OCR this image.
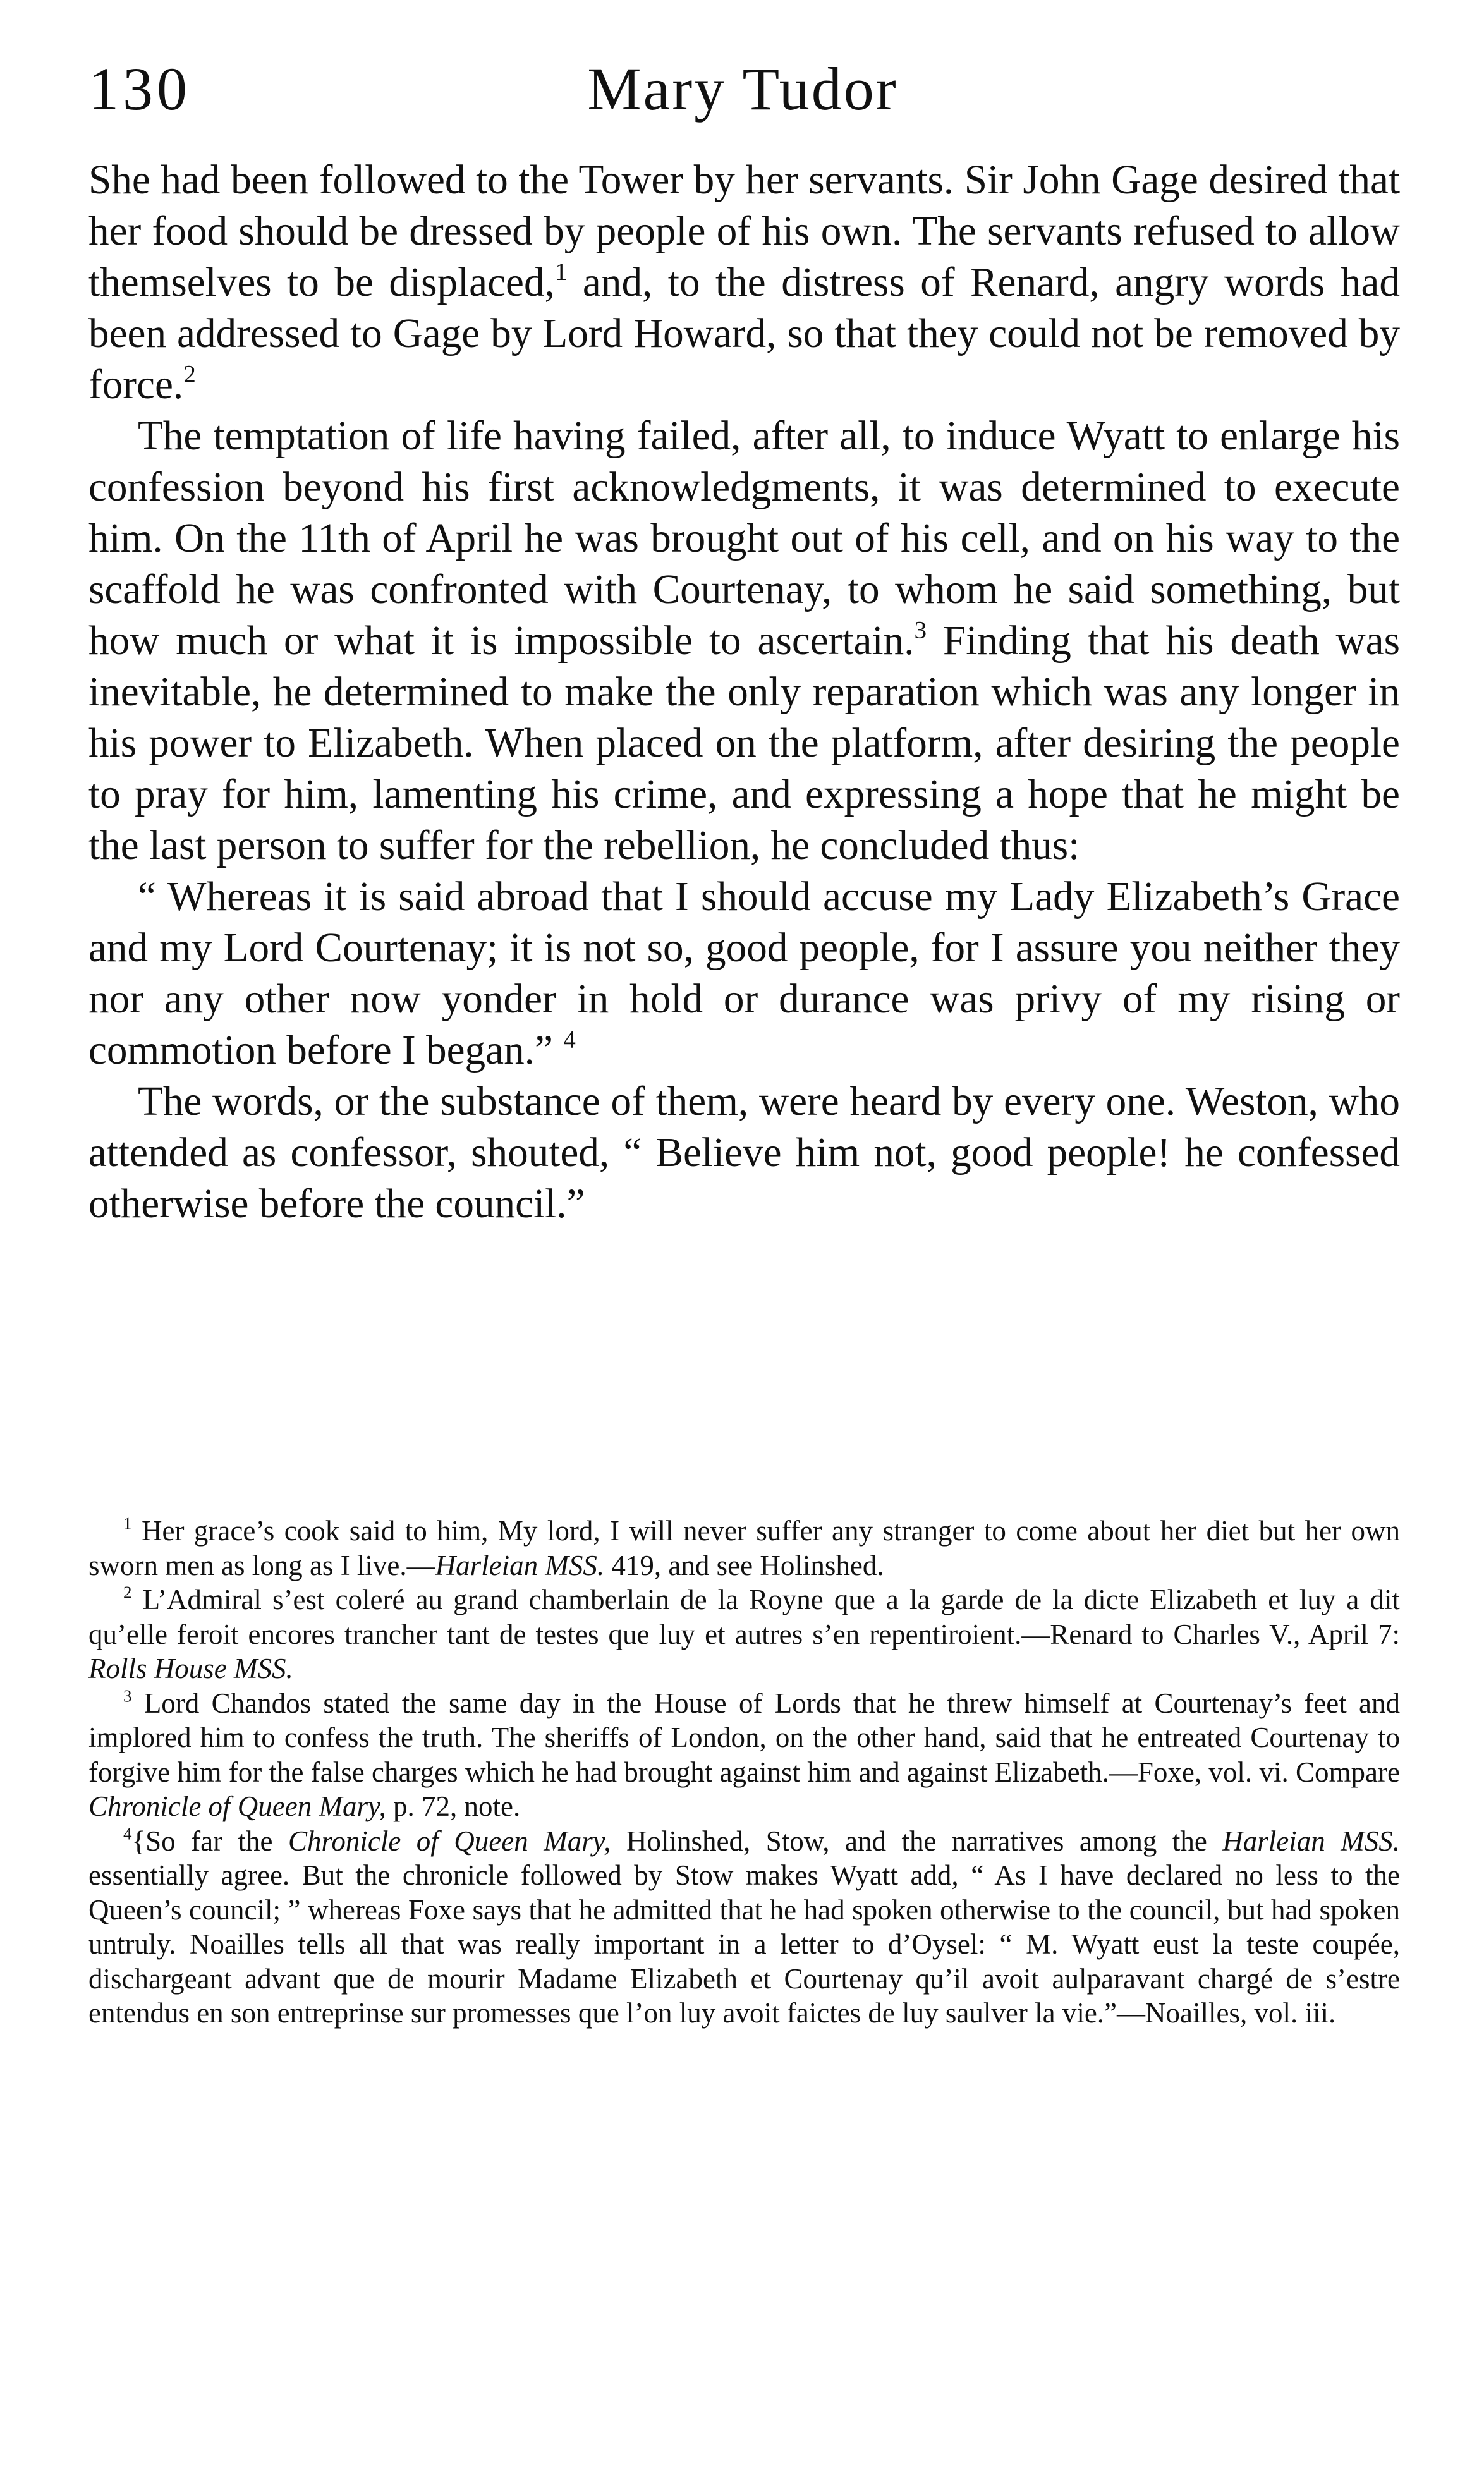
130	Mary Tudor

She had been followed to the Tower by her servants. Sir John Gage desired that her food should be dressed by people of his own. The servants refused to allow themselves to be displaced,$^1$ and, to the distress of Renard, angry words had been addressed to Gage by Lord Howard, so that they could not be removed by force.$^2$

The temptation of life having failed, after all, to induce Wyatt to enlarge his confession beyond his first acknowledgments, it was determined to execute him. On the 11th of April he was brought out of his cell, and on his way to the scaffold he was confronted with Courtenay, to whom he said something, but how much or what it is impossible to ascertain.$^3$ Finding that his death was inevitable, he determined to make the only reparation which was any longer in his power to Elizabeth. When placed on the platform, after desiring the people to pray for him, lamenting his crime, and expressing a hope that he might be the last person to suffer for the rebellion, he concluded thus:

“ Whereas it is said abroad that I should accuse my Lady Elizabeth’s Grace and my Lord Courtenay; it is not so, good people, for I assure you neither they nor any other now yonder in hold or durance was privy of my rising or commotion before I began.” $^4$

The words, or the substance of them, were heard by every one. Weston, who attended as confessor, shouted, “ Believe him not, good people! he confessed otherwise before the council.”

$^1$ Her grace’s cook said to him, My lord, I will never suffer any stranger to come about her diet but her own sworn men as long as I live.—Harleian MSS. 419, and see Holinshed.

$^2$ L’Admiral s’est coleré au grand chamberlain de la Royne que a la garde de la dicte Elizabeth et luy a dit qu’elle feroit encores trancher tant de testes que luy et autres s’en repentiroient.—Renard to Charles V., April 7: Rolls House MSS.

$^3$ Lord Chandos stated the same day in the House of Lords that he threw himself at Courtenay’s feet and implored him to confess the truth. The sheriffs of London, on the other hand, said that he entreated Courtenay to forgive him for the false charges which he had brought against him and against Elizabeth.—Foxe, vol. vi. Compare Chronicle of Queen Mary, p. 72, note.

$^4${So far the Chronicle of Queen Mary, Holinshed, Stow, and the narratives among the Harleian MSS. essentially agree. But the chronicle followed by Stow makes Wyatt add, “ As I have declared no less to the Queen’s council; ” whereas Foxe says that he admitted that he had spoken otherwise to the council, but had spoken untruly. Noailles tells all that was really important in a letter to d’Oysel: “ M. Wyatt eust la teste coupée, dischargeant advant que de mourir Madame Elizabeth et Courtenay qu’il avoit aulparavant chargé de s’estre entendus en son entreprinse sur promesses que l’on luy avoit faictes de luy saulver la vie.”—Noailles, vol. iii.
